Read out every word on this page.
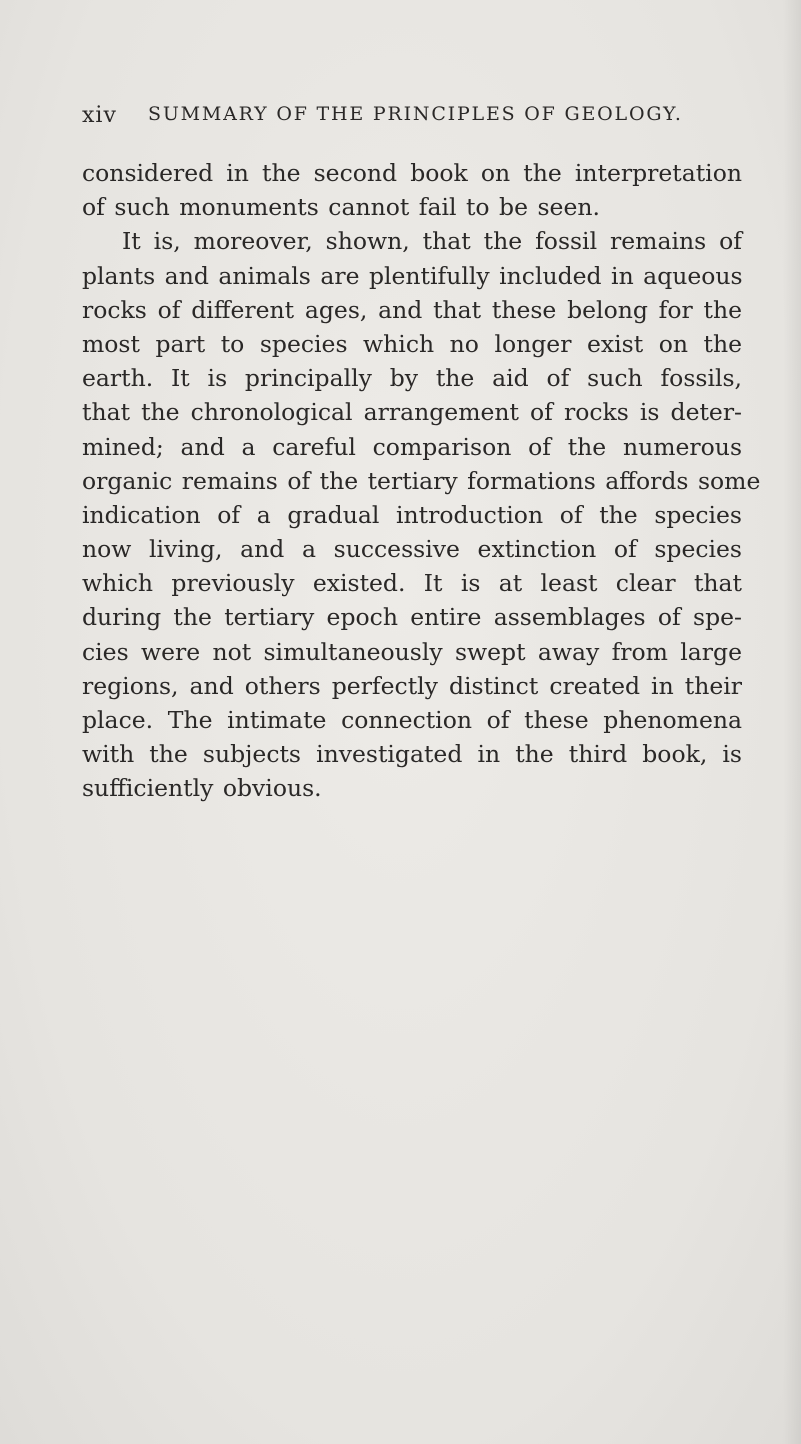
xiv SUMMARY OF THE PRINCIPLES OF GEOLOGY.
considered in the second book on the interpretation
of such monuments cannot fail to be seen.
It is, moreover, shown, that the fossil remains of
plants and animals are plentifully included in aqueous
rocks of different ages, and that these belong for the
most part to species which no longer exist on the
earth. It is principally by the aid of such fossils,
that the chronological arrangement of rocks is deter-
mined; and a careful comparison of the numerous
organic remains of the tertiary formations affords some
indication of a gradual introduction of the species
now living, and a successive extinction of species
which previously existed. It is at least clear that
during the tertiary epoch entire assemblages of spe-
cies were not simultaneously swept away from large
regions, and others perfectly distinct created in their
place. The intimate connection of these phenomena
with the subjects investigated in the third book, is
sufficiently obvious.
